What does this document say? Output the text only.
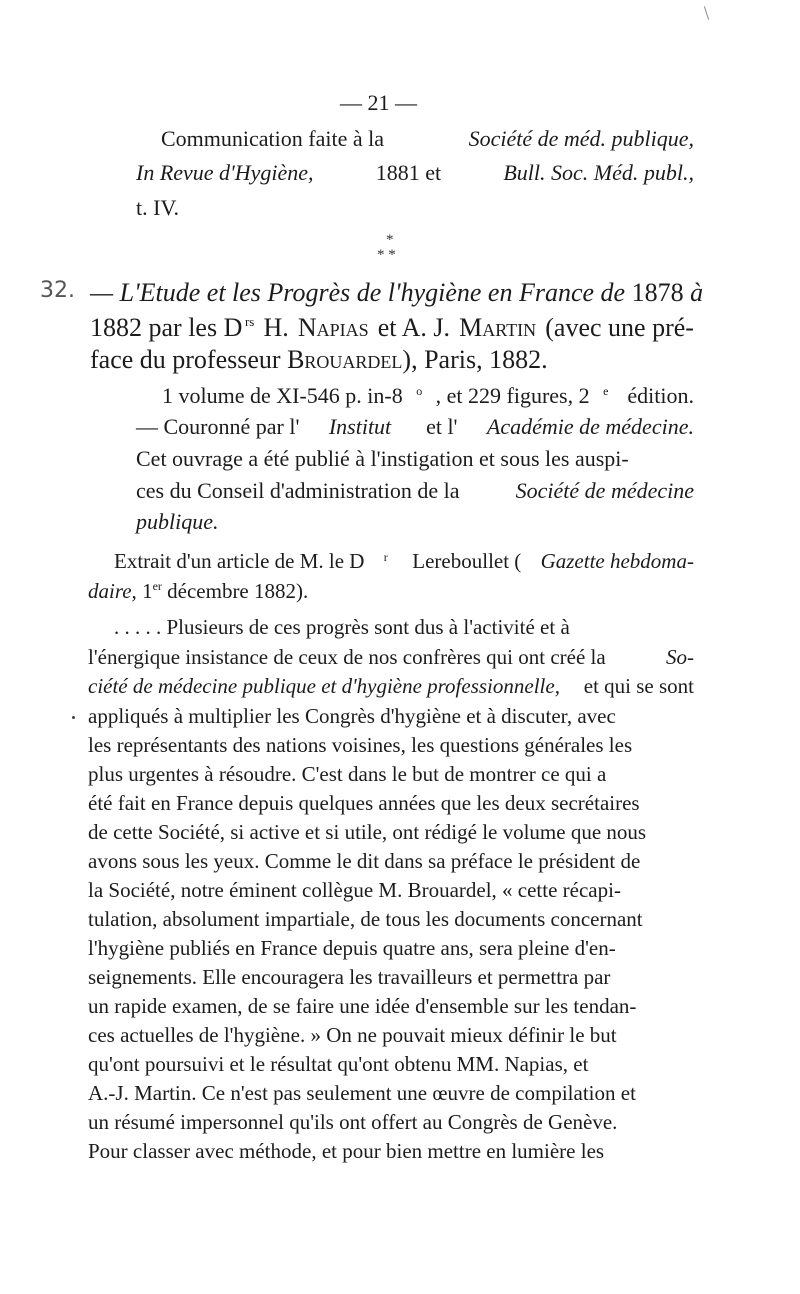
— 21 —
Communication faite à la	Société de méd. publique,
In Revue d'Hygiène,	1881 et	Bull. Soc. Méd. publ.,
t. IV.
*
* *
32. — L'Etude et les Progrès de l'hygiène en France de 1878 à
1882 par les D rs H. Napias et A. J. Martin (avec une pré-
face du professeur Brouardel), Paris, 1882.
1 volume de XI-546 p. in-8 o , et 229 figures, 2 e édition.
— Couronné par l' Institut et l' Académie de médecine.
Cet ouvrage a été publié à l'instigation et sous les auspi-
ces du Conseil d'administration de la Société de médecine
publique.
Extrait d'un article de M. le D r Lereboullet ( Gazette hebdoma-
daire, 1er décembre 1882).
. . . . . Plusieurs de ces progrès sont dus à l'activité et à
l'énergique insistance de ceux de nos confrères qui ont créé la	So-
ciété de médecine publique et d'hygiène professionnelle, et qui se sont
appliqués à multiplier les Congrès d'hygiène et à discuter, avec
les représentants des nations voisines, les questions générales les
plus urgentes à résoudre. C'est dans le but de montrer ce qui a
été fait en France depuis quelques années que les deux secrétaires
de cette Société, si active et si utile, ont rédigé le volume que nous
avons sous les yeux. Comme le dit dans sa préface le président de
la Société, notre éminent collègue M. Brouardel, « cette récapi-
tulation, absolument impartiale, de tous les documents concernant
l'hygiène publiés en France depuis quatre ans, sera pleine d'en-
seignements. Elle encouragera les travailleurs et permettra par
un rapide examen, de se faire une idée d'ensemble sur les tendan-
ces actuelles de l'hygiène. » On ne pouvait mieux définir le but
qu'ont poursuivi et le résultat qu'ont obtenu MM. Napias, et
A.-J. Martin. Ce n'est pas seulement une œuvre de compilation et
un résumé impersonnel qu'ils ont offert au Congrès de Genève.
Pour classer avec méthode, et pour bien mettre en lumière les
